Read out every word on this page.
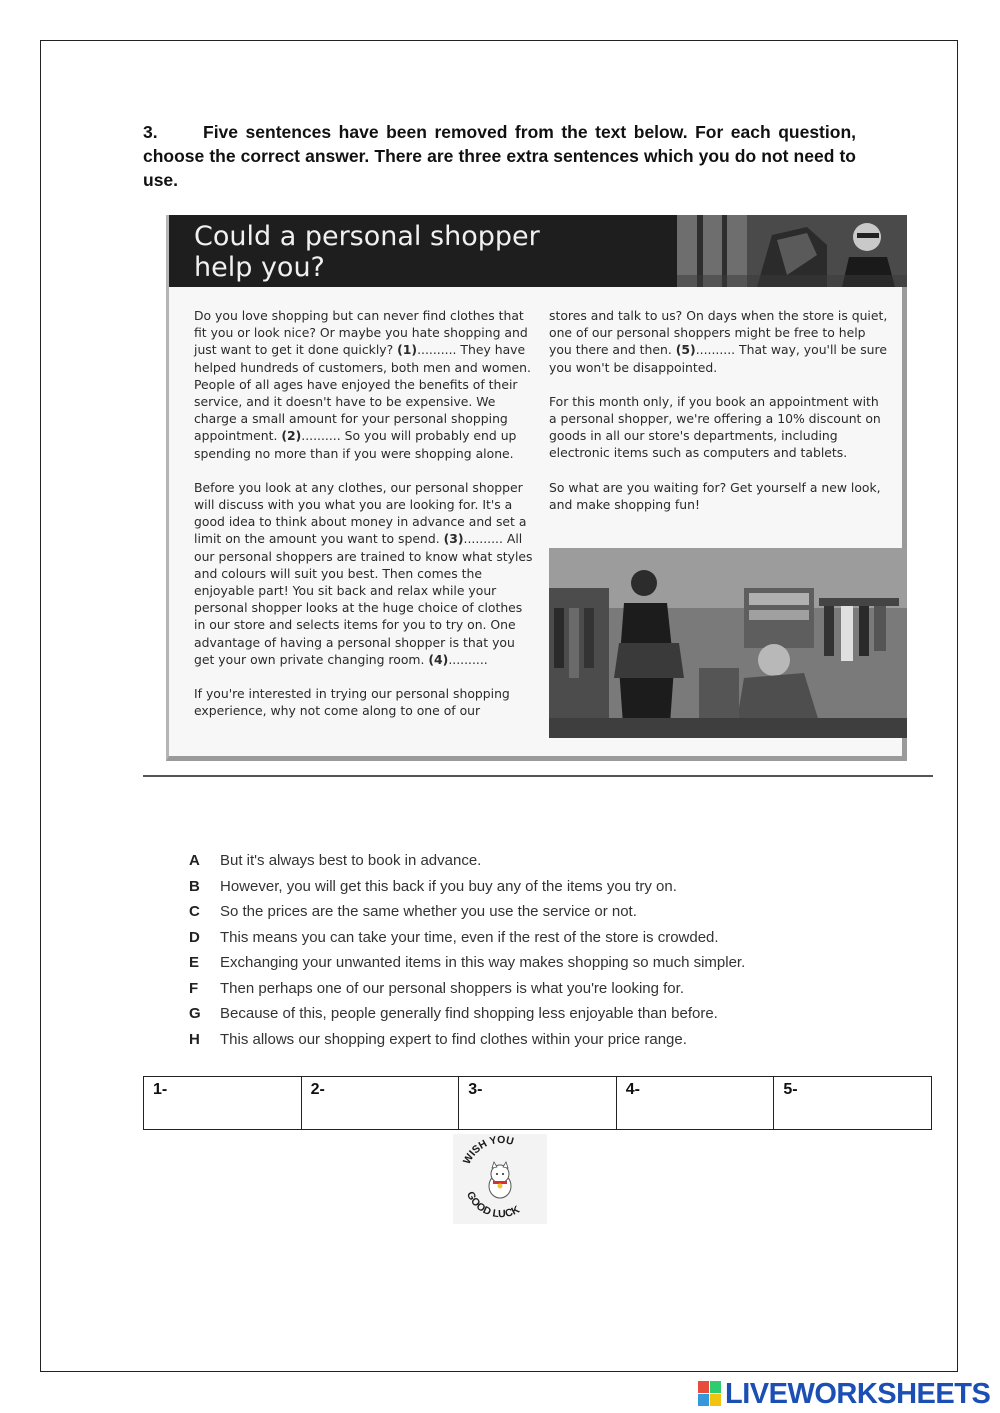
3.	Five sentences have been removed from the text below. For each question, choose the correct answer. There are three extra sentences which you do not need to use.
Could a personal shopper
help you?

Do you love shopping but can never find clothes that fit you or look nice? Or maybe you hate shopping and just want to get it done quickly? (1).......... They have helped hundreds of customers, both men and women. People of all ages have enjoyed the benefits of their service, and it doesn't have to be expensive. We charge a small amount for your personal shopping appointment. (2).......... So you will probably end up spending no more than if you were shopping alone.

Before you look at any clothes, our personal shopper will discuss with you what you are looking for. It's a good idea to think about money in advance and set a limit on the amount you want to spend. (3).......... All our personal shoppers are trained to know what styles and colours will suit you best. Then comes the enjoyable part! You sit back and relax while your personal shopper looks at the huge choice of clothes in our store and selects items for you to try on. One advantage of having a personal shopper is that you get your own private changing room. (4)..........

If you're interested in trying our personal shopping experience, why not come along to one of our

stores and talk to us? On days when the store is quiet, one of our personal shoppers might be free to help you there and then. (5).......... That way, you'll be sure you won't be disappointed.

For this month only, if you book an appointment with a personal shopper, we're offering a 10% discount on goods in all our store's departments, including electronic items such as computers and tablets.

So what are you waiting for? Get yourself a new look, and make shopping fun!

A	But it's always best to book in advance.
B	However, you will get this back if you buy any of the items you try on.
C	So the prices are the same whether you use the service or not.
D	This means you can take your time, even if the rest of the store is crowded.
E	Exchanging your unwanted items in this way makes shopping so much simpler.
F	Then perhaps one of our personal shoppers is what you're looking for.
G	Because of this, people generally find shopping less enjoyable than before.
H	This allows our shopping expert to find clothes within your price range.
1-	2-	3-	4-	5-
WISH YOU
GOOD LUCK
LIVEWORKSHEETS
